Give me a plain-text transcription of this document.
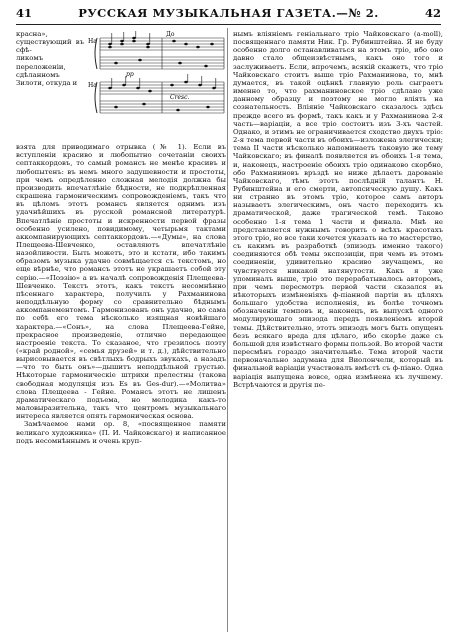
41	РУССКАЯ МУЗЫКАЛЬНАЯ ГАЗЕТА.—№ 2.	42
Ha
До
На
pp
Cresc.

красна», существующий въ сфѣ-

ликомъ переложеніи, сдѣланномъ

Зилоти, откуда и

взята для приводимаго отрывка (№ 1). Если въ вступленіи красиво и любопытно сочетаніи своихъ септаккордовъ, то самый романсъ не менѣе красивъ и любопытенъ: въ немъ много задушевности и простоты, при чемъ опредѣленно сложная мелодія должна бы производить впечатлѣніе бѣдности, не подкрѣпленная скрашена гармоническимъ сопровожденіемъ, такъ что въ цѣломъ этотъ романсъ является однимъ изъ удачнѣйшихъ въ русской романсной литературѣ. Впечатлѣніе простоты и искренности первой фразы особенно усилено, повидимому, четырьмя тактами аккомпанирующихъ септаккордовъ.—«Думы», на слова Плещеева-Шевченко, оставляютъ впечатлѣніе назойливости. Быть можетъ, это и кстати, ибо такимъ образомъ музыка удачно совмѣщается съ текстомъ, но еще вѣрнѣе, что романсъ этотъ не украшаетъ собой эту серію.—«Поэзію» а въ началѣ сопровожденія Плещеева-Шевченко. Текстъ этотъ, какъ текстъ несомнѣнно пѣсеннаго характера, получилъ у Рахманинова неподдѣльную форму со сравнительно бѣднымъ аккомпанементомъ. Гармонизованъ онъ удачно, но сама по себѣ его тема нѣсколько изящная новѣйшаго характера.—«Сонъ», на слова Плещеева-Гейне, прекрасное произведеніе, отлично передающее настроеніе текста. То сказаное, что грезилось поэту («край родной», «семья друзей» и т. д.), дѣйствительно вырисовывается въ свѣтлыхъ бодрыхъ звукахъ, а назадъ—что то быть онъ»—дышитъ неподдѣльной грустью. Нѣкоторые гармоническіе штрихи прелестны (такова свободная модуляція изъ Es въ Ges-dur).—«Молитва» слова Плещеева - Гейне. Романсъ этотъ не лишенъ драматическаго подъема, но мелодика какъ-то маловыразительна, такъ что центромъ музыкальнаго интереса является опять гармоническая основа.

Замѣчаемое нами op. 8, «посвященное памяти великаго художника» (П. И. Чайковскаго) и написанное подъ несомнѣннымъ и очень круп-

нымъ вліяніемъ геніальнаго тріо Чайковскаго (a-moll), посвященнаго памяти Ник. Гр. Рубинштейна. Я не буду особенно долго останавливаться на этомъ тріо, ибо оно давно стало общеизвѣстнымъ, какъ оно того и заслуживаетъ. Если, впрочемъ, всякій скажетъ, что тріо Чайковскаго стоитъ выше тріо Рахманинова, то, мнѣ думается, въ такой оцѣнкѣ главную роль сыграетъ именно то, что рахманиновское тріо сдѣлано уже данному образцу и поэтому не могло вліять на сознательность. Вліяніе Чайковскаго сказалось здѣсь прежде всего въ формѣ, такъ какъ и у Рахманинова 2-я часть—варіаціи, а все тріо состоитъ изъ 3-хъ частей. Однако, и этимъ не ограничивается сходство двухъ тріо: 2-я тема первой части въ обоихъ—изложена элегически; тема II части нѣсколько напоминаетъ таковую же тему Чайковскаго; въ финалѣ появляется въ обоихъ 1-я тема, и, наконецъ, настроеніе обоихъ тріо одинаково скорбно, обо Рахманиновъ връздѣ не ниже дѣлаетъ дарованіе Чайковскаго, тѣмъ этотъ послѣдній талантъ Н. Рубинштейна и его смерти, автопсическую душу. Какъ ни странно въ этомъ тріо, которое самъ авторъ называетъ элегическимъ, онъ часто переходитъ къ драматической, даже трагической темѣ. Таково особенно 1-я тема 1 части и финала. Мнѣ не представляется нужнымъ говорить о всѣхъ красотахъ этого тріо, но все таки хочется указать на то мастерство, съ какимъ въ разработкѣ (эпизодъ именно такого) соединяются обѣ темы экспозиціи, при чемъ въ этомъ соединеніи, удивительно красиво звучащемъ, не чувствуется никакой натянутости. Какъ я уже упоминалъ выше, тріо это перерабатывалось авторомъ, при чемъ пересмотръ первой части сказался въ нѣкоторыхъ измѣненіяхъ ф-піанной партіи въ цѣляхъ большаго удобства исполненія, въ болѣе точномъ обозначеніи темповъ и, наконецъ, въ выпускѣ одного модулирующаго эпизода передъ появленіемъ второй темы. Дѣйствительно, этотъ эпизодъ могъ быть опущенъ безъ всякаго вреда для цѣлаго, ибо скорѣе даже съ большой для извѣстнаго формы пользой. Во второй части пересмѣнъ гораздо значительнѣе. Тема второй части первоначально задумана для Виолончели, который въ финальной варіаціи участвовалъ вмѣстѣ съ ф-піано. Одна варіація выпущена вовсе, одна измѣнена къ лучшему. Встрѣчаются и другія пе-
